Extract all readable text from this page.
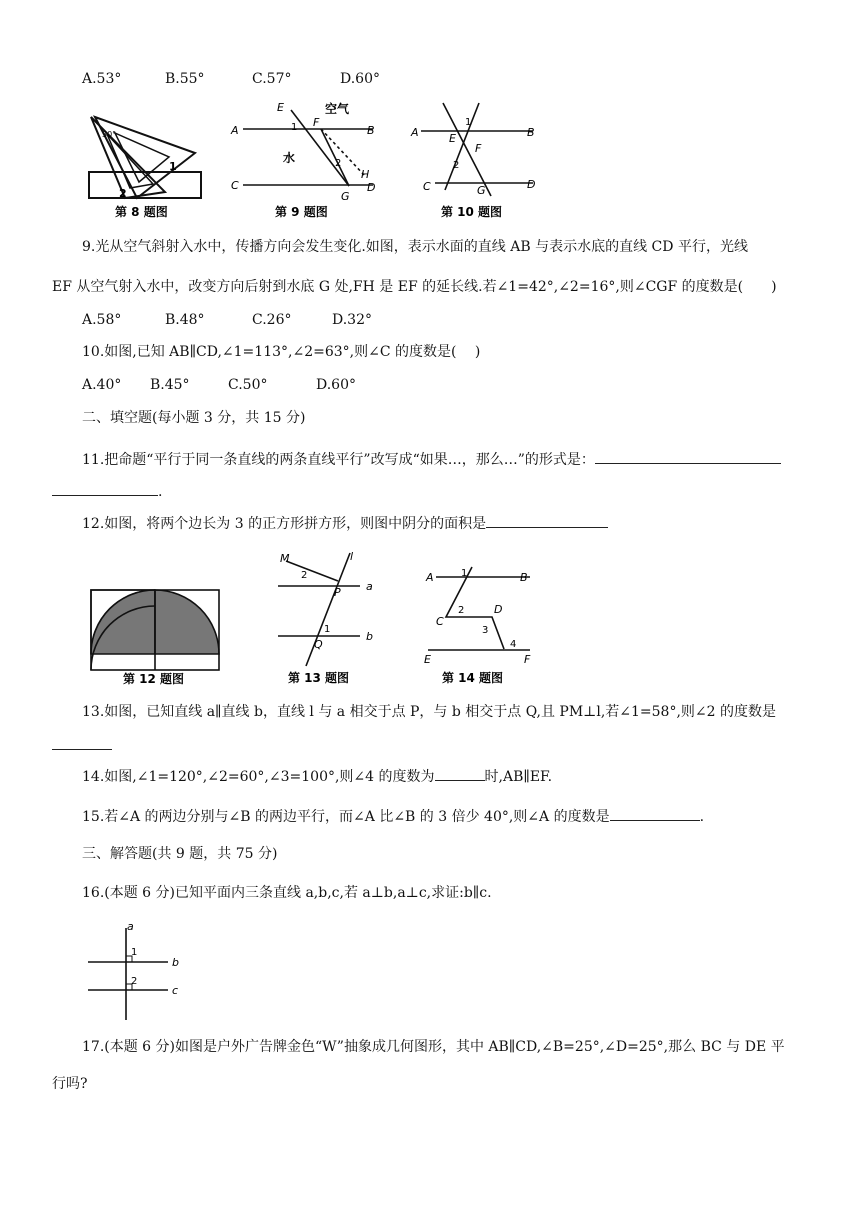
A.53°	B.55°	C.57°	D.60°
30°
1
2
第 8 题图
E	空气
A	1 F
B
水	2
H
C
G
D
第 9 题图
A
1
E	B
F
2
C	G	D
第 10 题图
9.光从空气斜射入水中，传播方向会发生变化.如图，表示水面的直线 AB 与表示水底的直线 CD 平行，光线
EF 从空气射入水中，改变方向后射到水底 G 处,FH 是 EF 的延长线.若∠1=42°,∠2=16°,则∠CGF 的度数是(　　)
A.58°	B.48°	C.26°	D.32°
10.如图,已知 AB∥CD,∠1=113°,∠2=63°,则∠C 的度数是(　 )
A.40° B.45°	C.50°	D.60°
二、填空题(每小题 3 分，共 15 分)
11.把命题“平行于同一条直线的两条直线平行”改写成“如果…，那么…”的形式是：
.
12.如图，将两个边长为 3 的正方形拼方形，则图中阴分的面积是
第 12 题图
M	l
2
P a
1
Q
b
第 13 题图
A	1	B
2	D
C
3
4
E	F
第 14 题图
13.如图，已知直线 a∥直线 b，直线 l 与 a 相交于点 P，与 b 相交于点 Q,且 PM⊥l,若∠1=58°,则∠2 的度数是
14.如图,∠1=120°,∠2=60°,∠3=100°,则∠4 的度数为	时,AB∥EF.
15.若∠A 的两边分别与∠B 的两边平行，而∠A 比∠B 的 3 倍少 40°,则∠A 的度数是	.
三、解答题(共 9 题，共 75 分)
16.(本题 6 分)已知平面内三条直线 a,b,c,若 a⊥b,a⊥c,求证:b∥c.
a
1
b
2
c
17.(本题 6 分)如图是户外广告牌金色“W”抽象成几何图形，其中 AB∥CD,∠B=25°,∠D=25°,那么 BC 与 DE 平
行吗?
